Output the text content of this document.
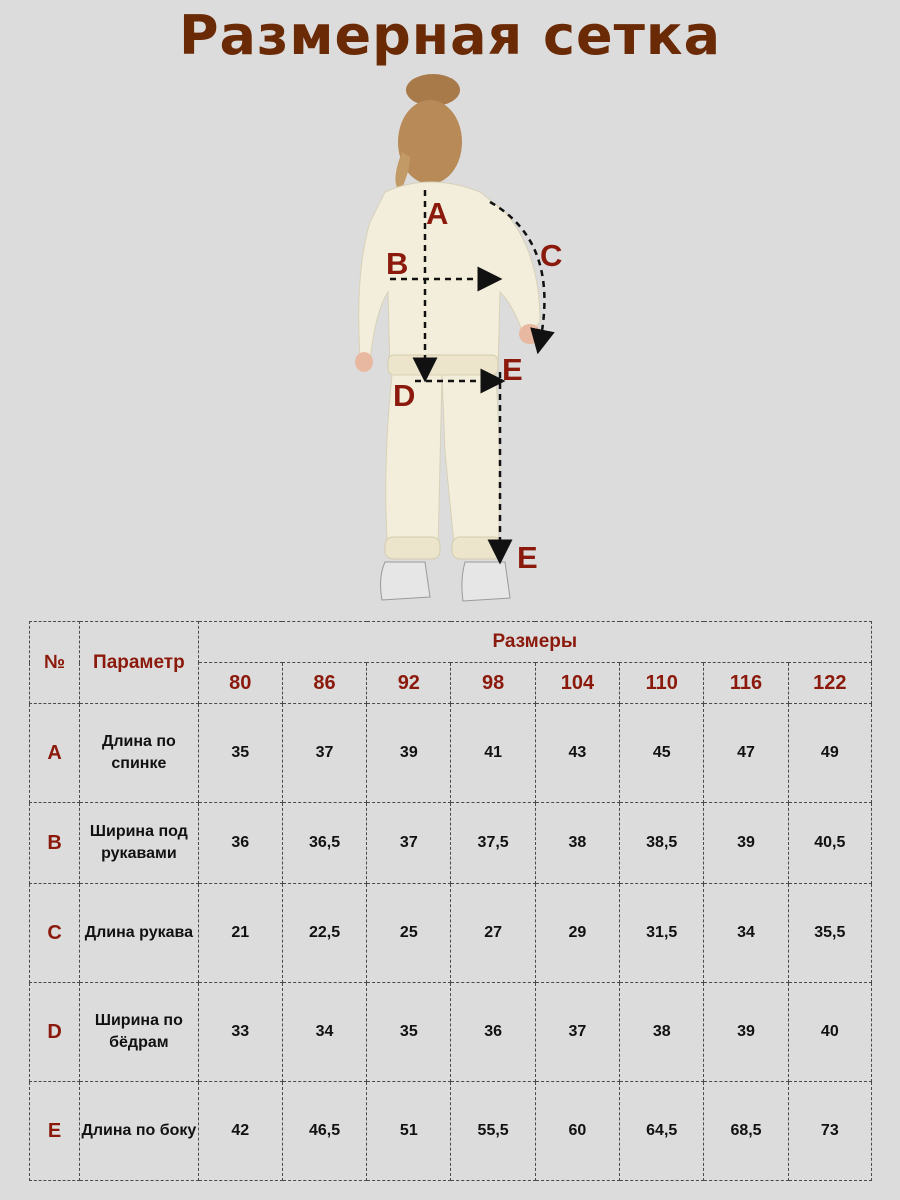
Размерная сетка
A
B	C
D
E
E
№	Параметр	Размеры							
		80	86	92	98	104	110	116	122
A	Длина по спинке	35	37	39	41	43	45	47	49
B	Ширина под рукавами	36	36,5	37	37,5	38	38,5	39	40,5
C	Длина рукава	21	22,5	25	27	29	31,5	34	35,5
D	Ширина по бёдрам	33	34	35	36	37	38	39	40
E	Длина по боку	42	46,5	51	55,5	60	64,5	68,5	73
